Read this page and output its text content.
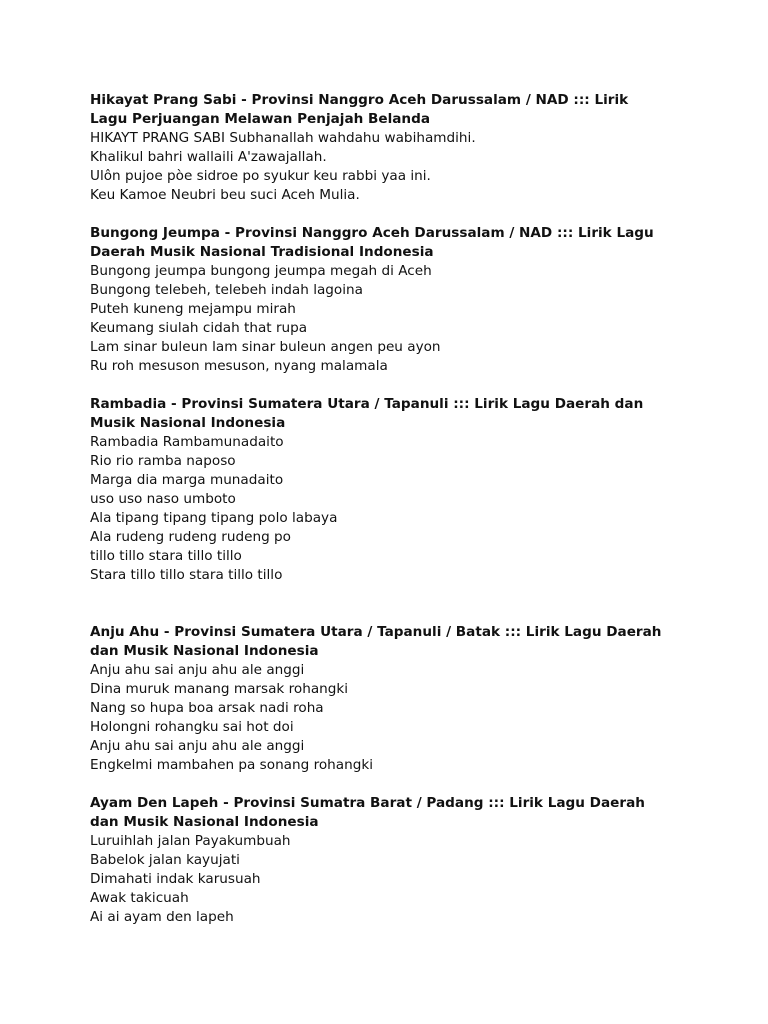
Hikayat Prang Sabi - Provinsi Nanggro Aceh Darussalam / NAD ::: Lirik

Lagu Perjuangan Melawan Penjajah Belanda

HIKAYT PRANG SABI Subhanallah wahdahu wabihamdihi.

Khalikul bahri wallaili A'zawajallah.

Ulôn pujoe pòe sidroe po syukur keu rabbi yaa ini.

Keu Kamoe Neubri beu suci Aceh Mulia.

Bungong Jeumpa - Provinsi Nanggro Aceh Darussalam / NAD ::: Lirik Lagu

Daerah Musik Nasional Tradisional Indonesia

Bungong jeumpa bungong jeumpa megah di Aceh

Bungong telebeh, telebeh indah lagoina

Puteh kuneng mejampu mirah

Keumang siulah cidah that rupa

Lam sinar buleun lam sinar buleun angen peu ayon

Ru roh mesuson mesuson, nyang malamala

Rambadia - Provinsi Sumatera Utara / Tapanuli ::: Lirik Lagu Daerah dan

Musik Nasional Indonesia

Rambadia Rambamunadaito

Rio rio ramba naposo

Marga dia marga munadaito

uso uso naso umboto

Ala tipang tipang tipang polo labaya

Ala rudeng rudeng rudeng po

tillo tillo stara tillo tillo

Stara tillo tillo stara tillo tillo

Anju Ahu - Provinsi Sumatera Utara / Tapanuli / Batak ::: Lirik Lagu Daerah

dan Musik Nasional Indonesia

Anju ahu sai anju ahu ale anggi

Dina muruk manang marsak rohangki

Nang so hupa boa arsak nadi roha

Holongni rohangku sai hot doi

Anju ahu sai anju ahu ale anggi

Engkelmi mambahen pa sonang rohangki

Ayam Den Lapeh - Provinsi Sumatra Barat / Padang ::: Lirik Lagu Daerah

dan Musik Nasional Indonesia

Luruihlah jalan Payakumbuah

Babelok jalan kayujati

Dimahati indak karusuah

Awak takicuah

Ai ai ayam den lapeh
